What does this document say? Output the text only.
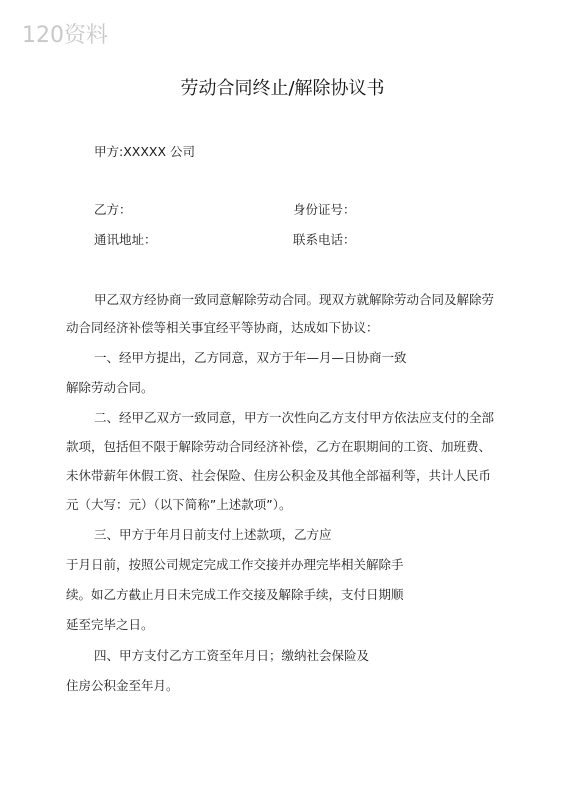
120资料
劳动合同终止/解除协议书
甲方:XXXXX 公司
乙方：	身份证号：
通讯地址：	联系电话：
甲乙双方经协商一致同意解除劳动合同。现双方就解除劳动合同及解除劳
动合同经济补偿等相关事宜经平等协商，达成如下协议：
一、经甲方提出，乙方同意，双方于年—月—日协商一致
解除劳动合同。
二、经甲乙双方一致同意，甲方一次性向乙方支付甲方依法应支付的全部
款项，包括但不限于解除劳动合同经济补偿，乙方在职期间的工资、加班费、
未休带薪年休假工资、社会保险、住房公积金及其他全部福利等，共计人民币
元（大写：元）（以下简称”上述款项”）。
三、甲方于年月日前支付上述款项，乙方应
于月日前，按照公司规定完成工作交接并办理完毕相关解除手
续。如乙方截止月日未完成工作交接及解除手续，支付日期顺
延至完毕之日。
四、甲方支付乙方工资至年月日；缴纳社会保险及
住房公积金至年月。
